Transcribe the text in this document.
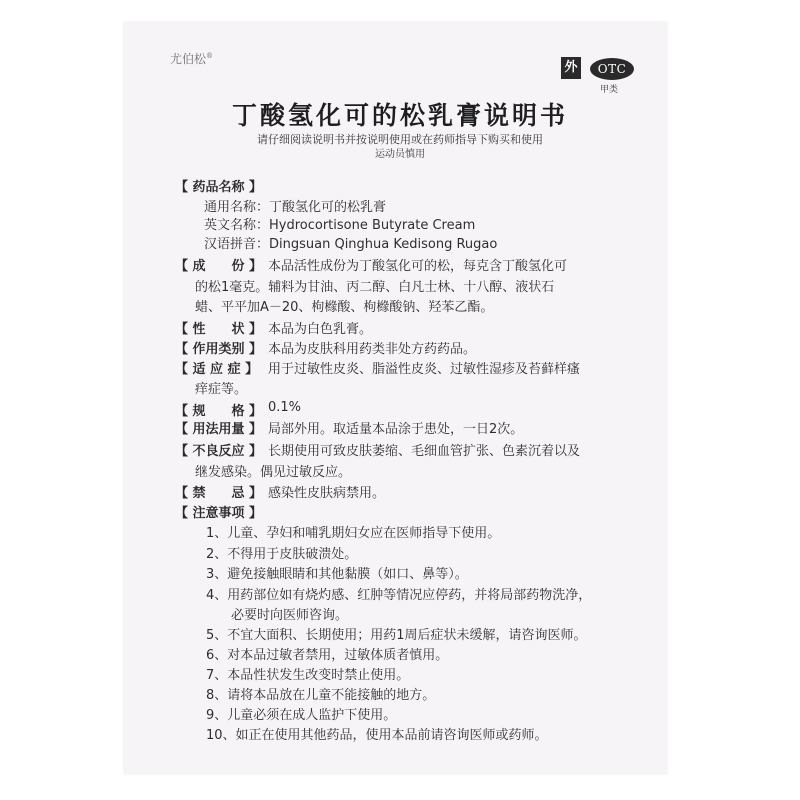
尤伯松®
外	OTC
甲类
丁酸氢化可的松乳膏说明书
请仔细阅读说明书并按说明使用或在药师指导下购买和使用
运动员慎用
【 药品名称 】
通用名称：丁酸氢化可的松乳膏
英文名称：Hydrocortisone Butyrate Cream
汉语拼音：Dingsuan Qinghua Kedisong Rugao
【 成　　份 】 本品活性成份为丁酸氢化可的松，每克含丁酸氢化可
的松1毫克。辅料为甘油、丙二醇、白凡士林、十八醇、液状石
蜡、平平加A－20、枸橼酸、枸橼酸钠、羟苯乙酯。
【 性　　状 】 本品为白色乳膏。
【 作用类别 】 本品为皮肤科用药类非处方药药品。
【 适 应 症 】 用于过敏性皮炎、脂溢性皮炎、过敏性湿疹及苔藓样瘙
痒症等。
【 规　　格 】 0.1%
【 用法用量 】 局部外用。取适量本品涂于患处，一日2次。
【 不良反应 】 长期使用可致皮肤萎缩、毛细血管扩张、色素沉着以及
继发感染。偶见过敏反应。
【 禁　　忌 】 感染性皮肤病禁用。
【 注意事项 】
1、儿童、孕妇和哺乳期妇女应在医师指导下使用。
2、不得用于皮肤破溃处。
3、避免接触眼睛和其他黏膜（如口、鼻等）。
4、用药部位如有烧灼感、红肿等情况应停药，并将局部药物洗净，
必要时向医师咨询。
5、不宜大面积、长期使用；用药1周后症状未缓解，请咨询医师。
6、对本品过敏者禁用，过敏体质者慎用。
7、本品性状发生改变时禁止使用。
8、请将本品放在儿童不能接触的地方。
9、儿童必须在成人监护下使用。
10、如正在使用其他药品，使用本品前请咨询医师或药师。
